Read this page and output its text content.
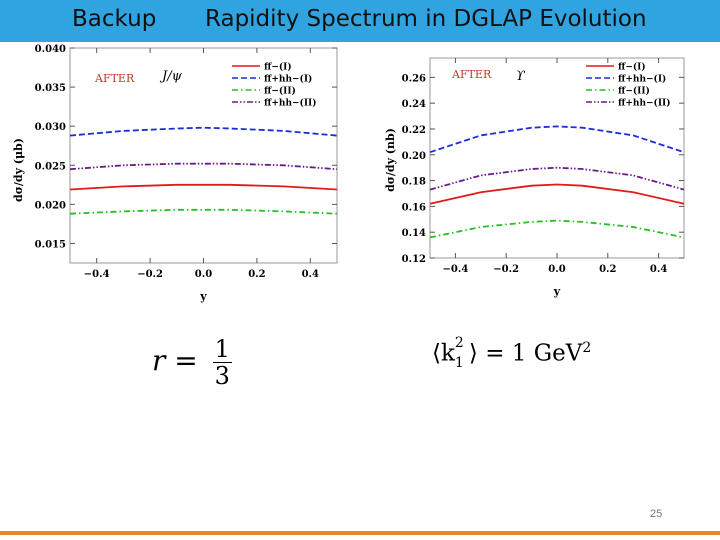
Backup Rapidity Spectrum in DGLAP Evolution
−0.4	−0.2	0.0	0.2	0.4
0.015
0.020
0.025
0.030
0.035
0.040
ff−(I)
ff+hh−(I)
ff−(II)
ff+hh−(II)
AFTER J/ψ
y
dσ/dy (μb)
−0.4	−0.2	0.0	0.2	0.4
0.12
0.14
0.16
0.18
0.20
0.22
0.24
0.26
ff−(I)
ff+hh−(I)
ff−(II)
ff+hh−(II)
AFTER ϒ
y
dσ/dy (nb)
$r = \frac{1}{3}$	⟨k 2
1 ⟩ = 1 GeV$^2$
25
